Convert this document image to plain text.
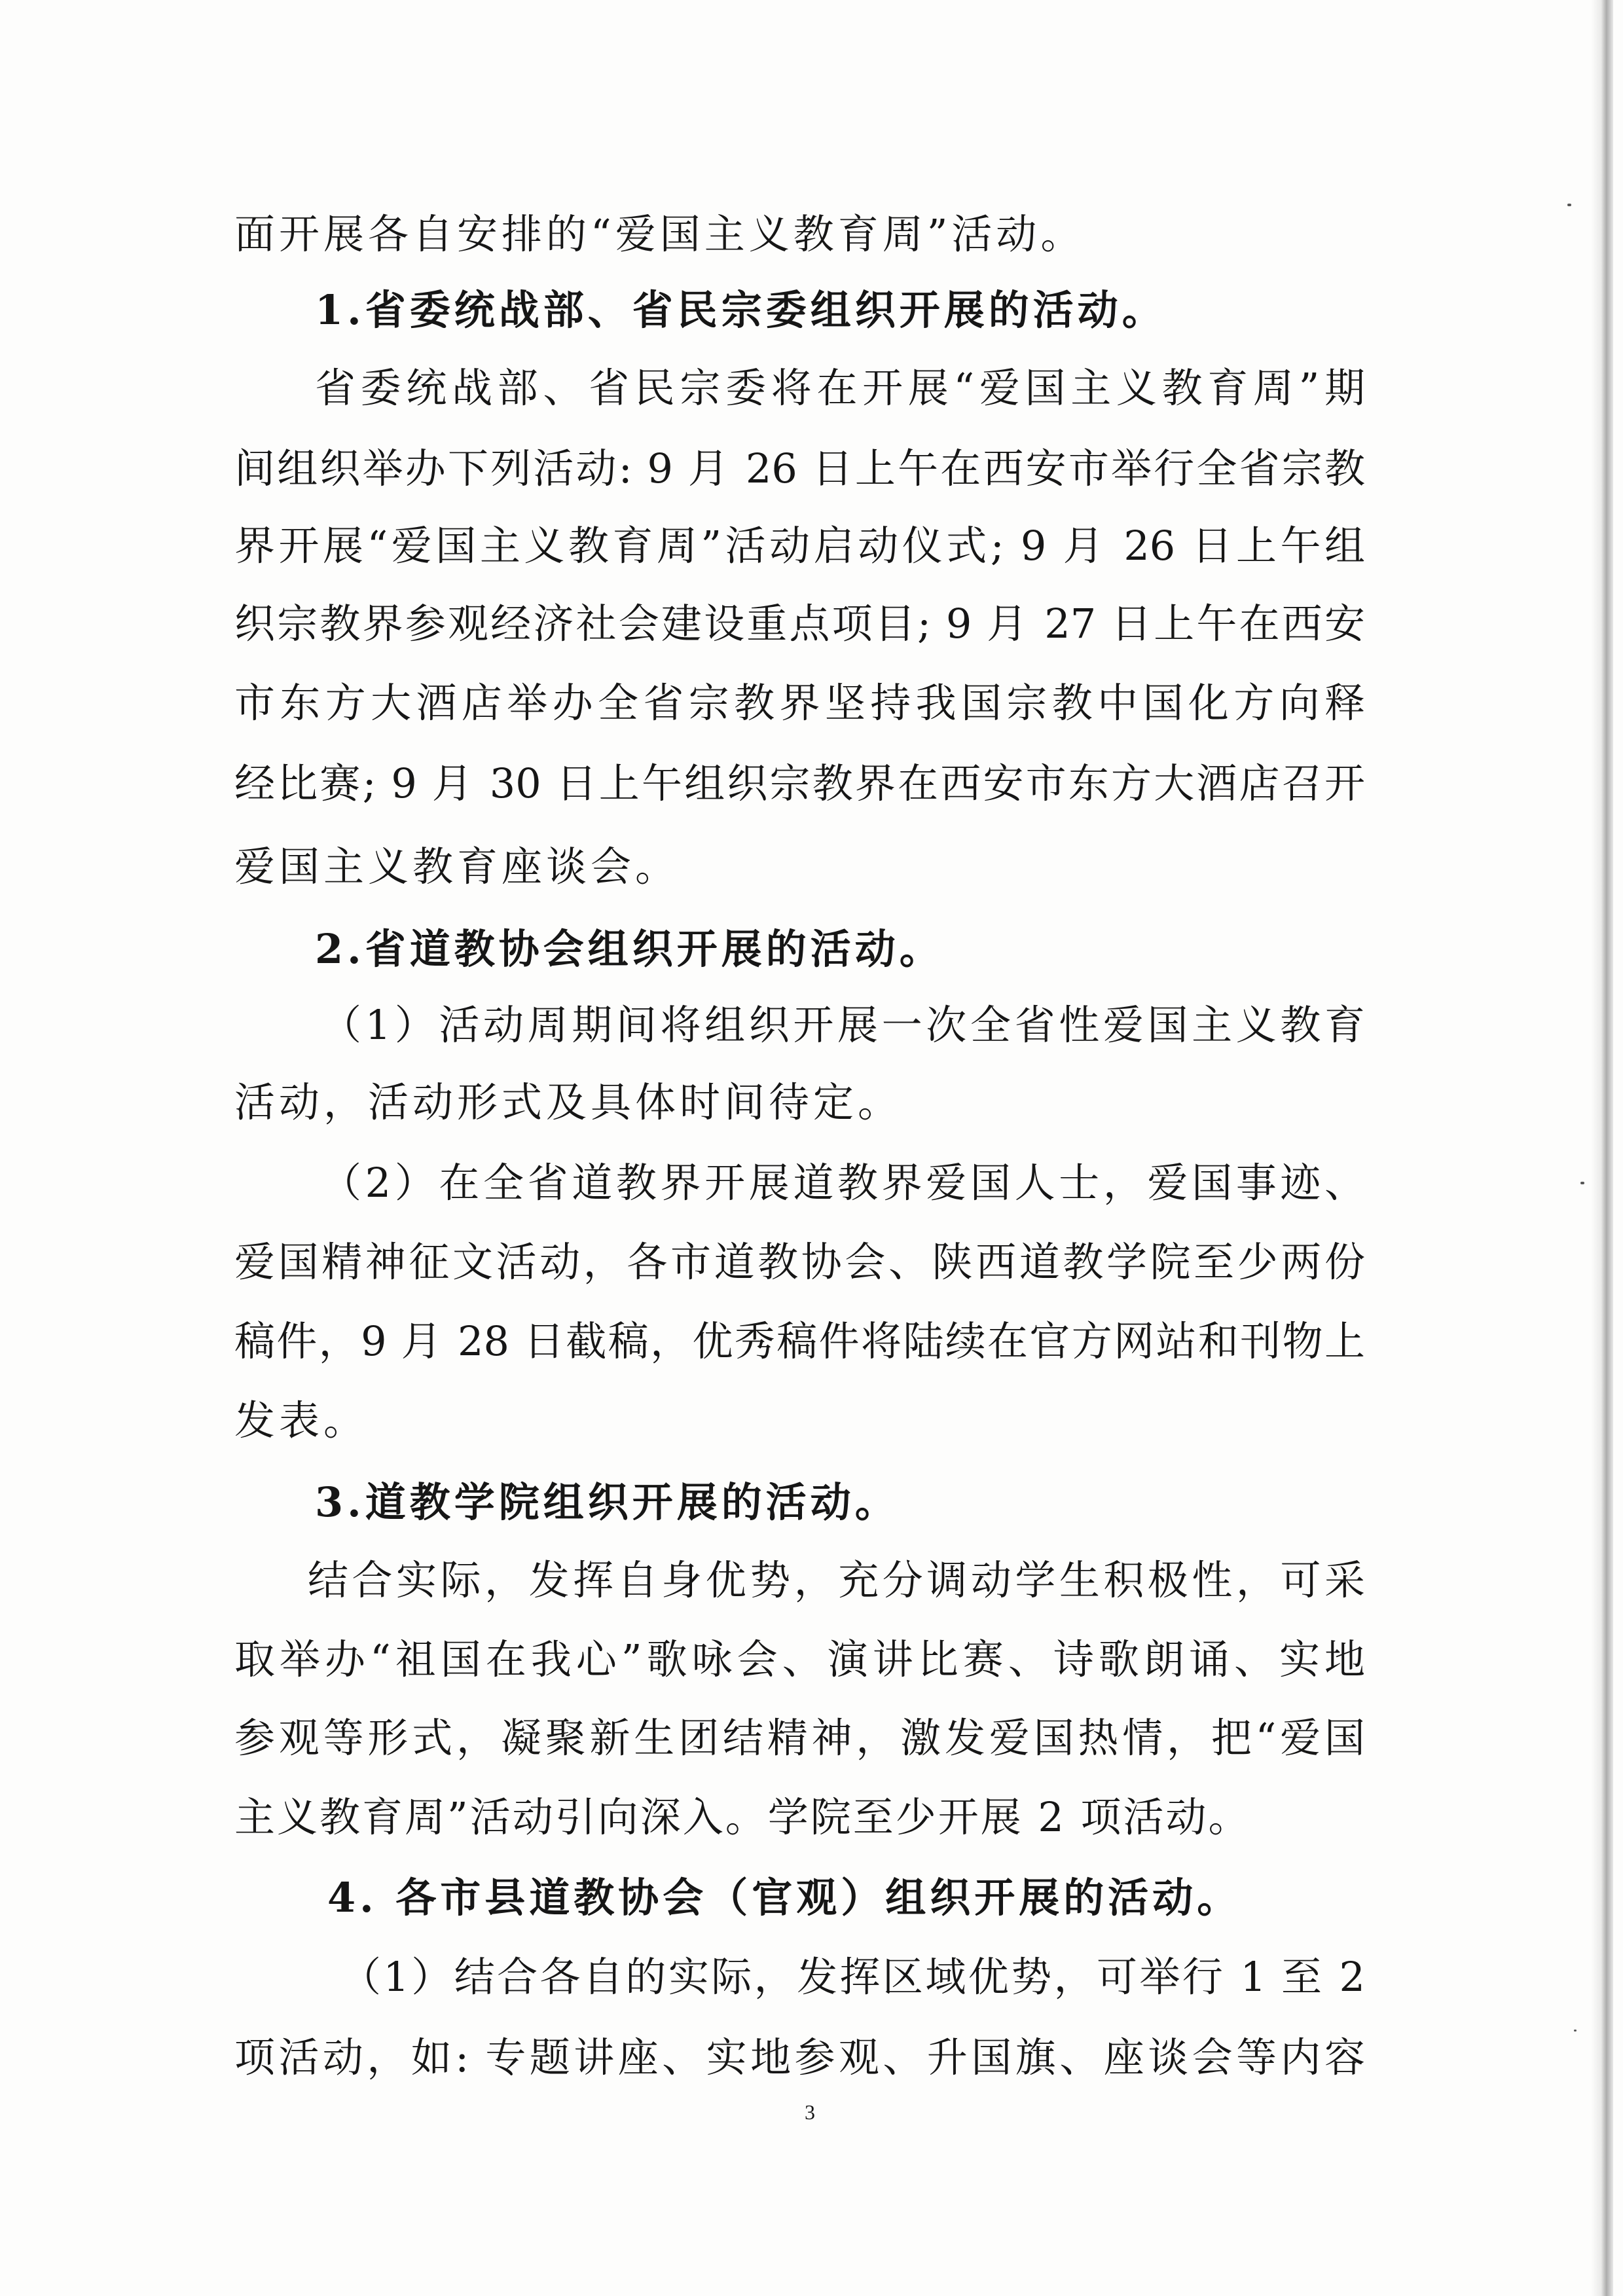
面开展各自安排的“爱国主义教育周”活动。
1.省委统战部、省民宗委组织开展的活动。
省委统战部、省民宗委将在开展“爱国主义教育周”期
间组织举办下列活动: 9 月 26 日上午在西安市举行全省宗教
界开展“爱国主义教育周”活动启动仪式; 9 月 26 日上午组
织宗教界参观经济社会建设重点项目; 9 月 27 日上午在西安
市东方大酒店举办全省宗教界坚持我国宗教中国化方向释
经比赛; 9 月 30 日上午组织宗教界在西安市东方大酒店召开
爱国主义教育座谈会。
2.省道教协会组织开展的活动。
（1）活动周期间将组织开展一次全省性爱国主义教育
活动，活动形式及具体时间待定。
（2）在全省道教界开展道教界爱国人士，爱国事迹、
爱国精神征文活动，各市道教协会、陕西道教学院至少两份
稿件，9 月 28 日截稿，优秀稿件将陆续在官方网站和刊物上
发表。
3.道教学院组织开展的活动。
结合实际，发挥自身优势，充分调动学生积极性，可采
取举办“祖国在我心”歌咏会、演讲比赛、诗歌朗诵、实地
参观等形式，凝聚新生团结精神，激发爱国热情，把“爱国
主义教育周”活动引向深入。学院至少开展 2 项活动。
4. 各市县道教协会（官观）组织开展的活动。
（1）结合各自的实际，发挥区域优势，可举行 1 至 2
项活动，如: 专题讲座、实地参观、升国旗、座谈会等内容
3
